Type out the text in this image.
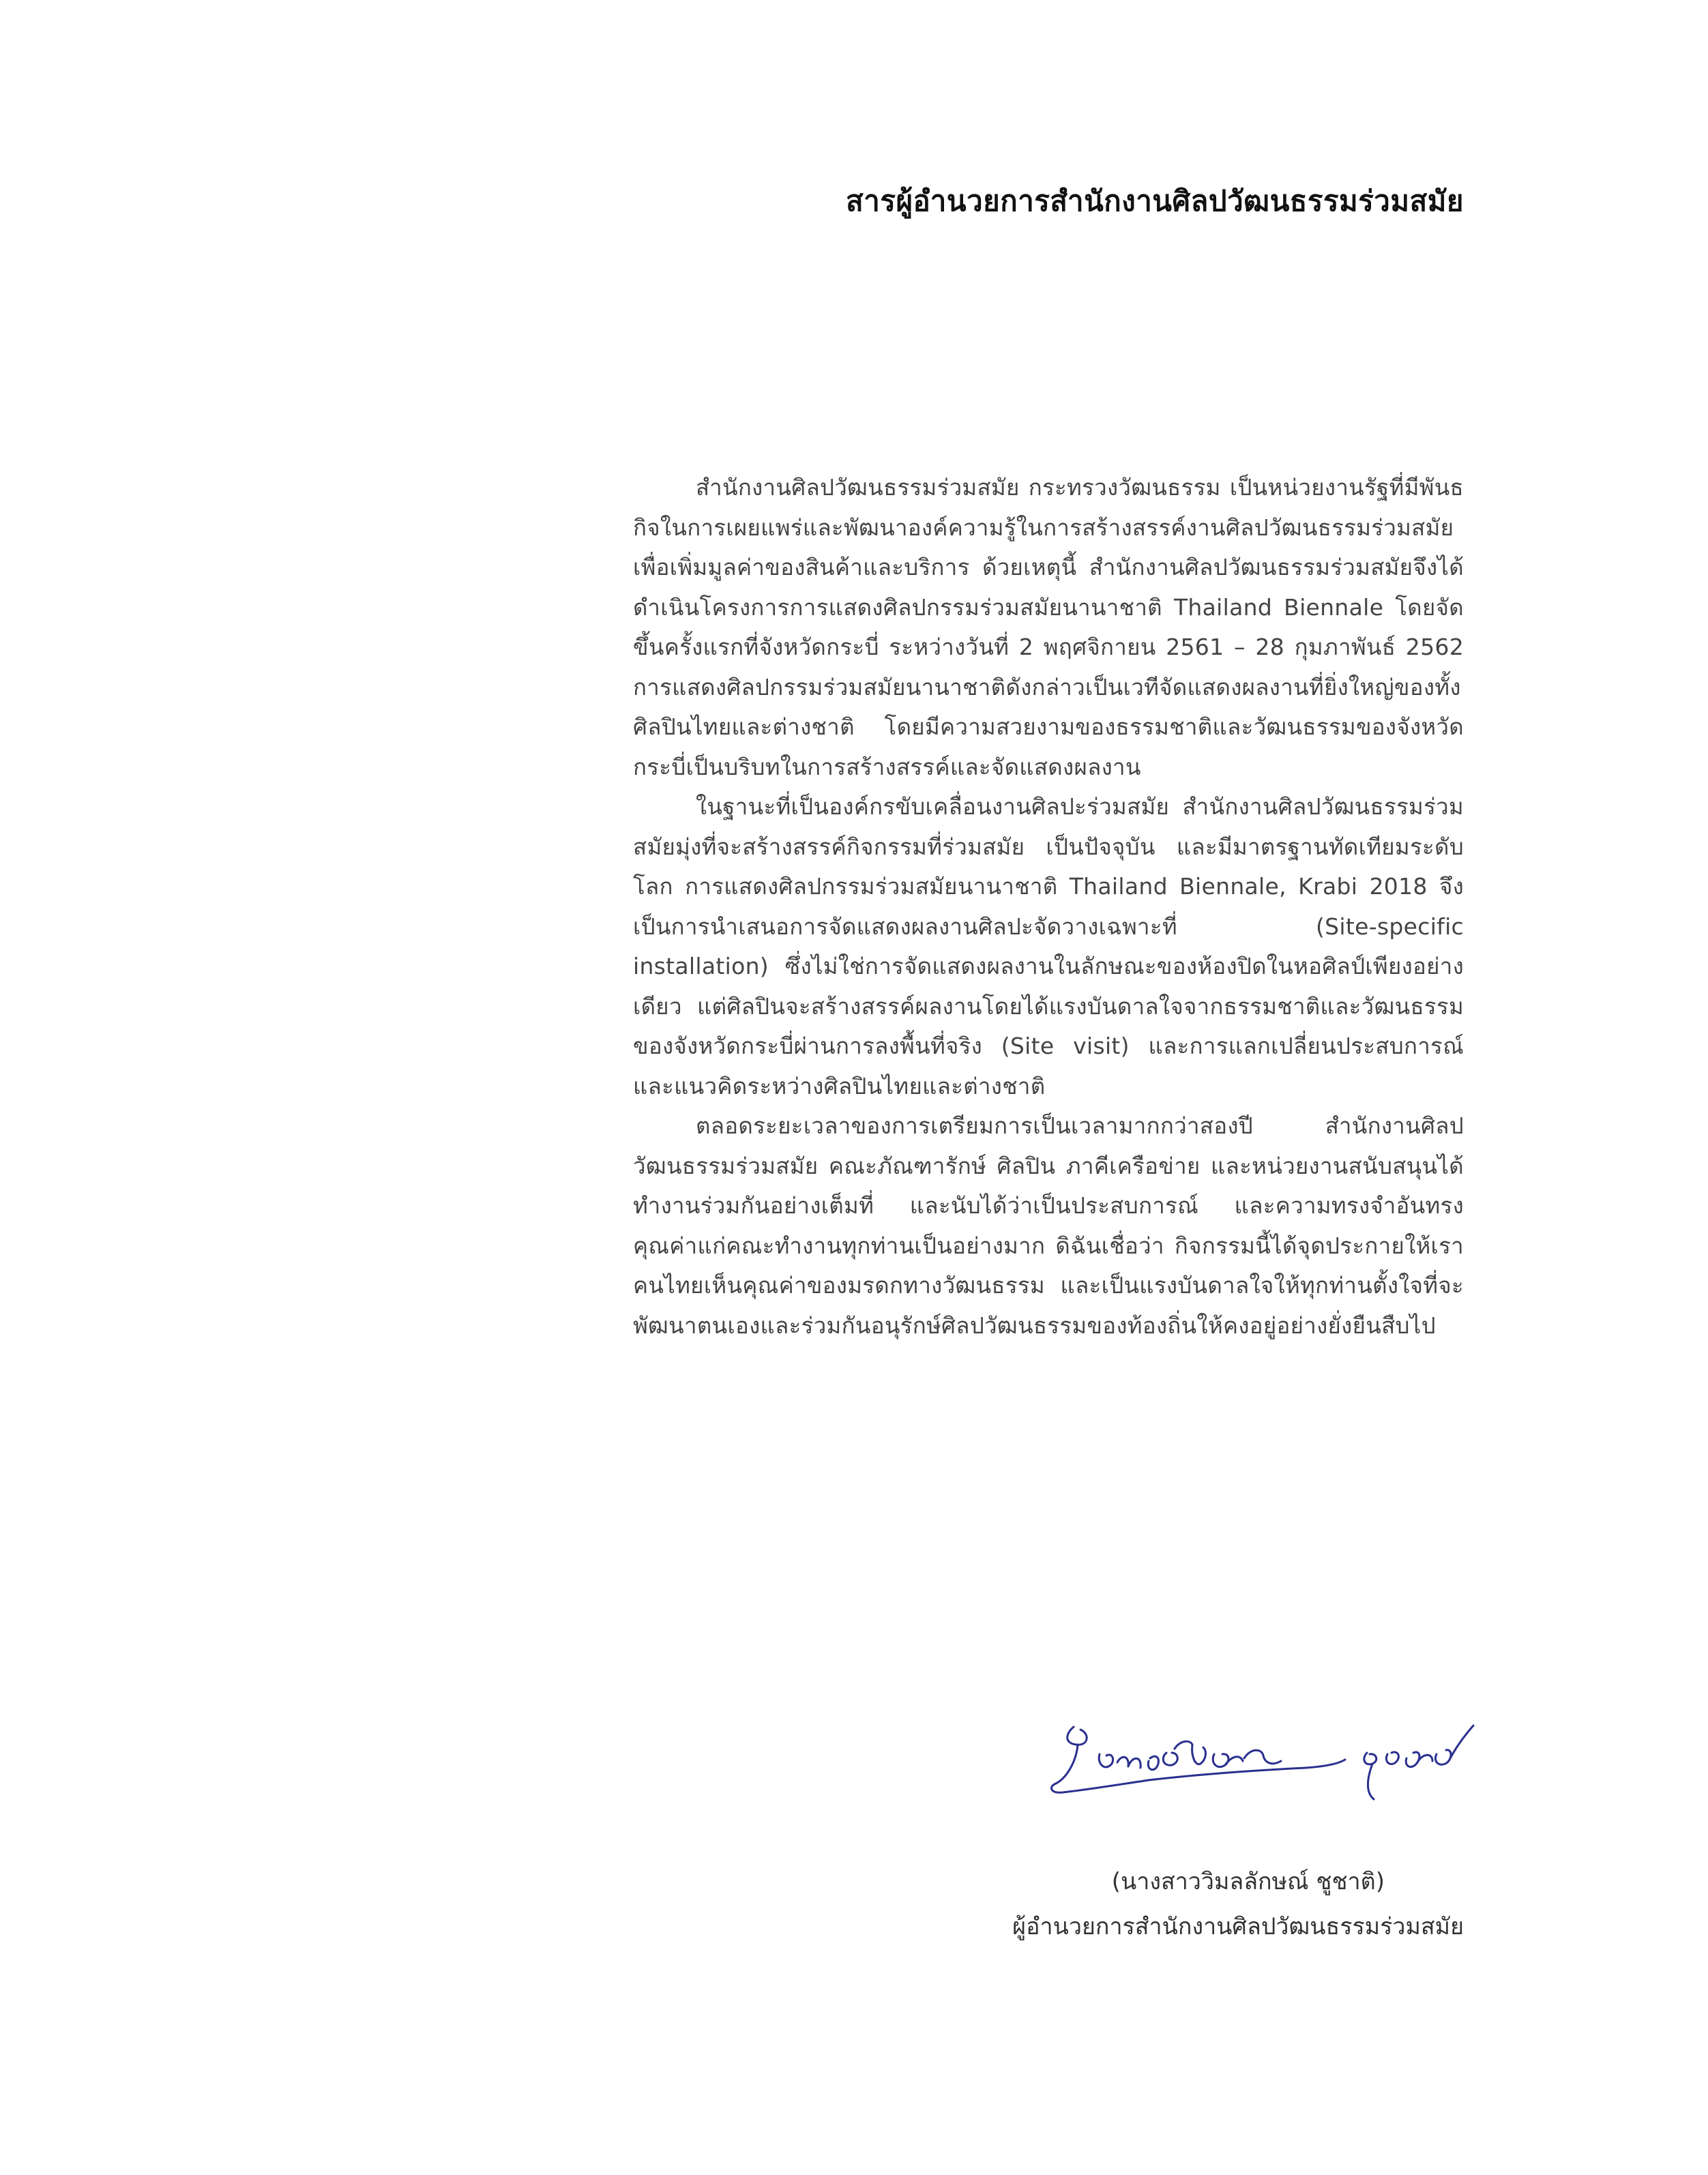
สารผู้อำนวยการสำนักงานศิลปวัฒนธรรมร่วมสมัย

สำนักงานศิลปวัฒนธรรมร่วมสมัย กระทรวงวัฒนธรรม เป็นหน่วยงานรัฐที่มีพันธกิจในการเผยแพร่และพัฒนาองค์ความรู้ในการสร้างสรรค์งานศิลปวัฒนธรรมร่วมสมัย เพื่อเพิ่มมูลค่าของสินค้าและบริการ ด้วยเหตุนี้ สำนักงานศิลปวัฒนธรรมร่วมสมัยจึงได้ดำเนินโครงการการแสดงศิลปกรรมร่วมสมัยนานาชาติ Thailand Biennale โดยจัดขึ้นครั้งแรกที่จังหวัดกระบี่ ระหว่างวันที่ 2 พฤศจิกายน 2561 – 28 กุมภาพันธ์ 2562 การแสดงศิลปกรรมร่วมสมัยนานาชาติดังกล่าวเป็นเวทีจัดแสดงผลงานที่ยิ่งใหญ่ของทั้งศิลปินไทยและต่างชาติ โดยมีความสวยงามของธรรมชาติและวัฒนธรรมของจังหวัดกระบี่เป็นบริบทในการสร้างสรรค์และจัดแสดงผลงาน

ในฐานะที่เป็นองค์กรขับเคลื่อนงานศิลปะร่วมสมัย สำนักงานศิลปวัฒนธรรมร่วมสมัยมุ่งที่จะสร้างสรรค์กิจกรรมที่ร่วมสมัย เป็นปัจจุบัน และมีมาตรฐานทัดเทียมระดับโลก การแสดงศิลปกรรมร่วมสมัยนานาชาติ Thailand Biennale, Krabi 2018 จึงเป็นการนำเสนอการจัดแสดงผลงานศิลปะจัดวางเฉพาะที่ (Site-specific installation) ซึ่งไม่ใช่การจัดแสดงผลงานในลักษณะของห้องปิดในหอศิลป์เพียงอย่างเดียว แต่ศิลปินจะสร้างสรรค์ผลงานโดยได้แรงบันดาลใจจากธรรมชาติและวัฒนธรรมของจังหวัดกระบี่ผ่านการลงพื้นที่จริง (Site visit) และการแลกเปลี่ยนประสบการณ์และแนวคิดระหว่างศิลปินไทยและต่างชาติ

ตลอดระยะเวลาของการเตรียมการเป็นเวลามากกว่าสองปี สำนักงานศิลปวัฒนธรรมร่วมสมัย คณะภัณฑารักษ์ ศิลปิน ภาคีเครือข่าย และหน่วยงานสนับสนุนได้ทำงานร่วมกันอย่างเต็มที่ และนับได้ว่าเป็นประสบการณ์ และความทรงจำอันทรงคุณค่าแก่คณะทำงานทุกท่านเป็นอย่างมาก ดิฉันเชื่อว่า กิจกรรมนี้ได้จุดประกายให้เราคนไทยเห็นคุณค่าของมรดกทางวัฒนธรรม และเป็นแรงบันดาลใจให้ทุกท่านตั้งใจที่จะพัฒนาตนเองและร่วมกันอนุรักษ์ศิลปวัฒนธรรมของท้องถิ่นให้คงอยู่อย่างยั่งยืนสืบไป

(นางสาววิมลลักษณ์ ชูชาติ)

ผู้อำนวยการสำนักงานศิลปวัฒนธรรมร่วมสมัย
